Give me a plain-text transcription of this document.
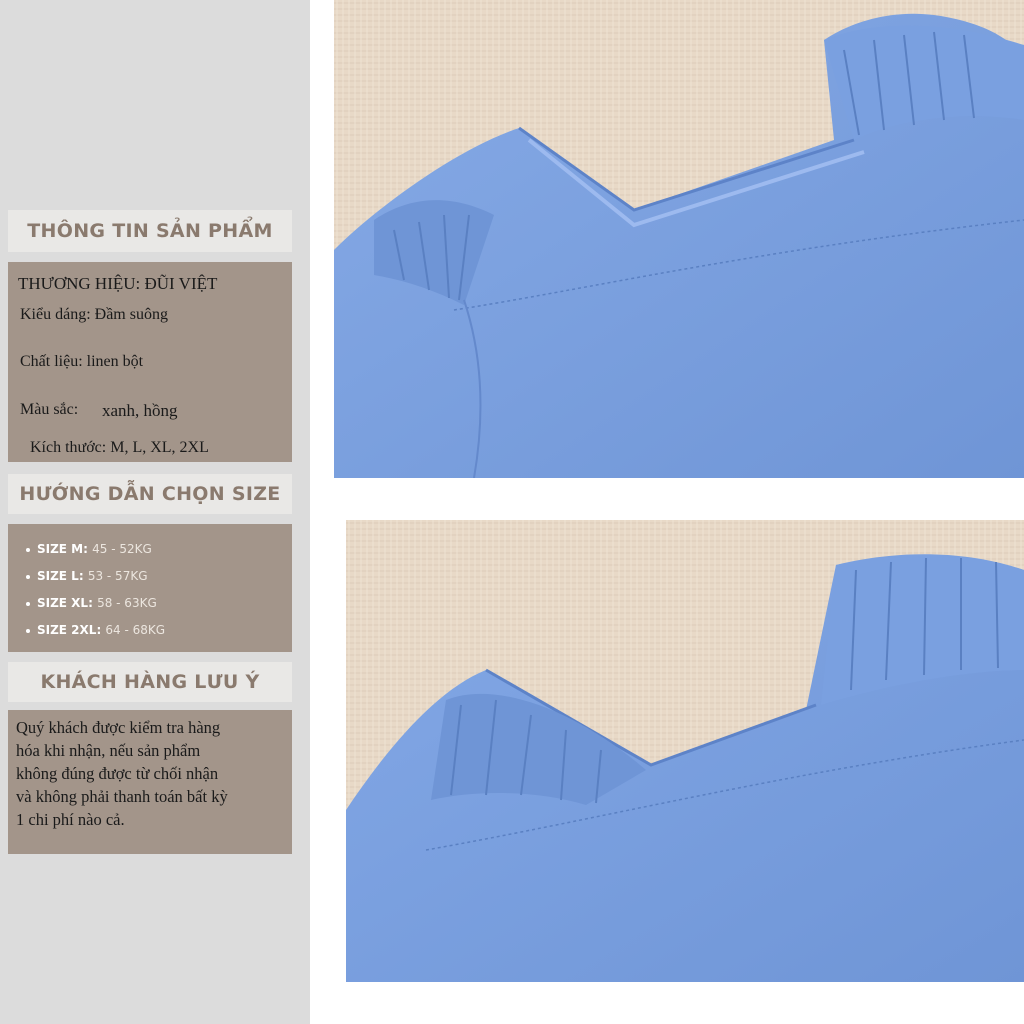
THÔNG TIN SẢN PHẨM
THƯƠNG HIỆU: ĐŨI VIỆT
Kiểu dáng: Đầm suông
Chất liệu: linen bột
Màu sắc: xanh, hồng
Kích thước: M, L, XL, 2XL
HƯỚNG DẪN CHỌN SIZE
SIZE M: 45 - 52KG
SIZE L: 53 - 57KG
SIZE XL: 58 - 63KG
SIZE 2XL: 64 - 68KG
KHÁCH HÀNG LƯU Ý
Quý khách được kiểm tra hàng
hóa khi nhận, nếu sản phẩm
không đúng được từ chối nhận
và không phải thanh toán bất kỳ
1 chi phí nào cả.
